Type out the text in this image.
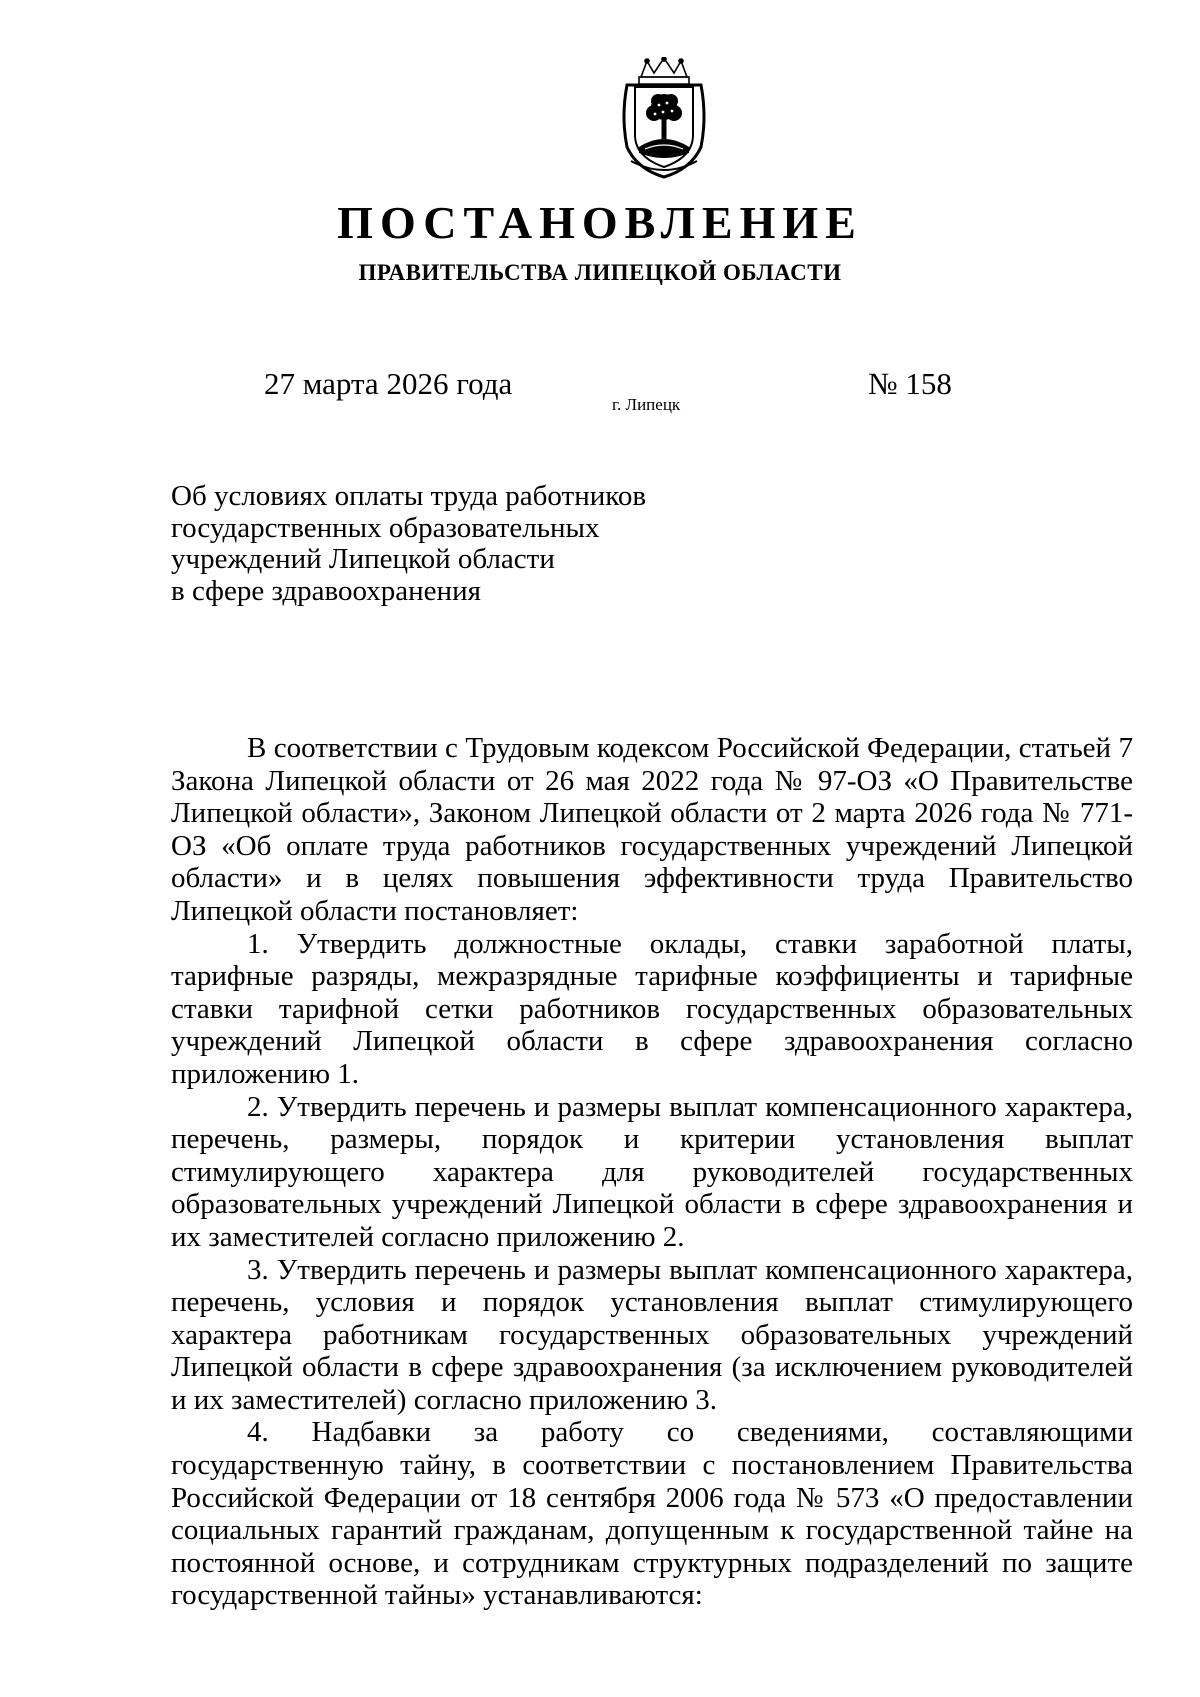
ПОСТАНОВЛЕНИЕ
ПРАВИТЕЛЬСТВА ЛИПЕЦКОЙ ОБЛАСТИ
27 марта 2026 года
г. Липецк
№ 158
Об условиях оплаты труда работников
государственных образовательных
учреждений Липецкой области
в сфере здравоохранения

В соответствии с Трудовым кодексом Российской Федерации, статьей 7 Закона Липецкой области от 26 мая 2022 года № 97-ОЗ «О Правительстве Липецкой области», Законом Липецкой области от 2 марта 2026 года № 771-ОЗ «Об оплате труда работников государственных учреждений Липецкой области» и в целях повышения эффективности труда Правительство Липецкой области постановляет:

1. Утвердить должностные оклады, ставки заработной платы, тарифные разряды, межразрядные тарифные коэффициенты и тарифные ставки тарифной сетки работников государственных образовательных учреждений Липецкой области в сфере здравоохранения согласно приложению 1.

2. Утвердить перечень и размеры выплат компенсационного характера, перечень, размеры, порядок и критерии установления выплат стимулирующего характера для руководителей государственных образовательных учреждений Липецкой области в сфере здравоохранения и их заместителей согласно приложению 2.

3. Утвердить перечень и размеры выплат компенсационного характера, перечень, условия и порядок установления выплат стимулирующего характера работникам государственных образовательных учреждений Липецкой области в сфере здравоохранения (за исключением руководителей и их заместителей) согласно приложению 3.

4. Надбавки за работу со сведениями, составляющими государственную тайну, в соответствии с постановлением Правительства Российской Федерации от 18 сентября 2006 года № 573 «О предоставлении социальных гарантий гражданам, допущенным к государственной тайне на постоянной основе, и сотрудникам структурных подразделений по защите государственной тайны» устанавливаются:
